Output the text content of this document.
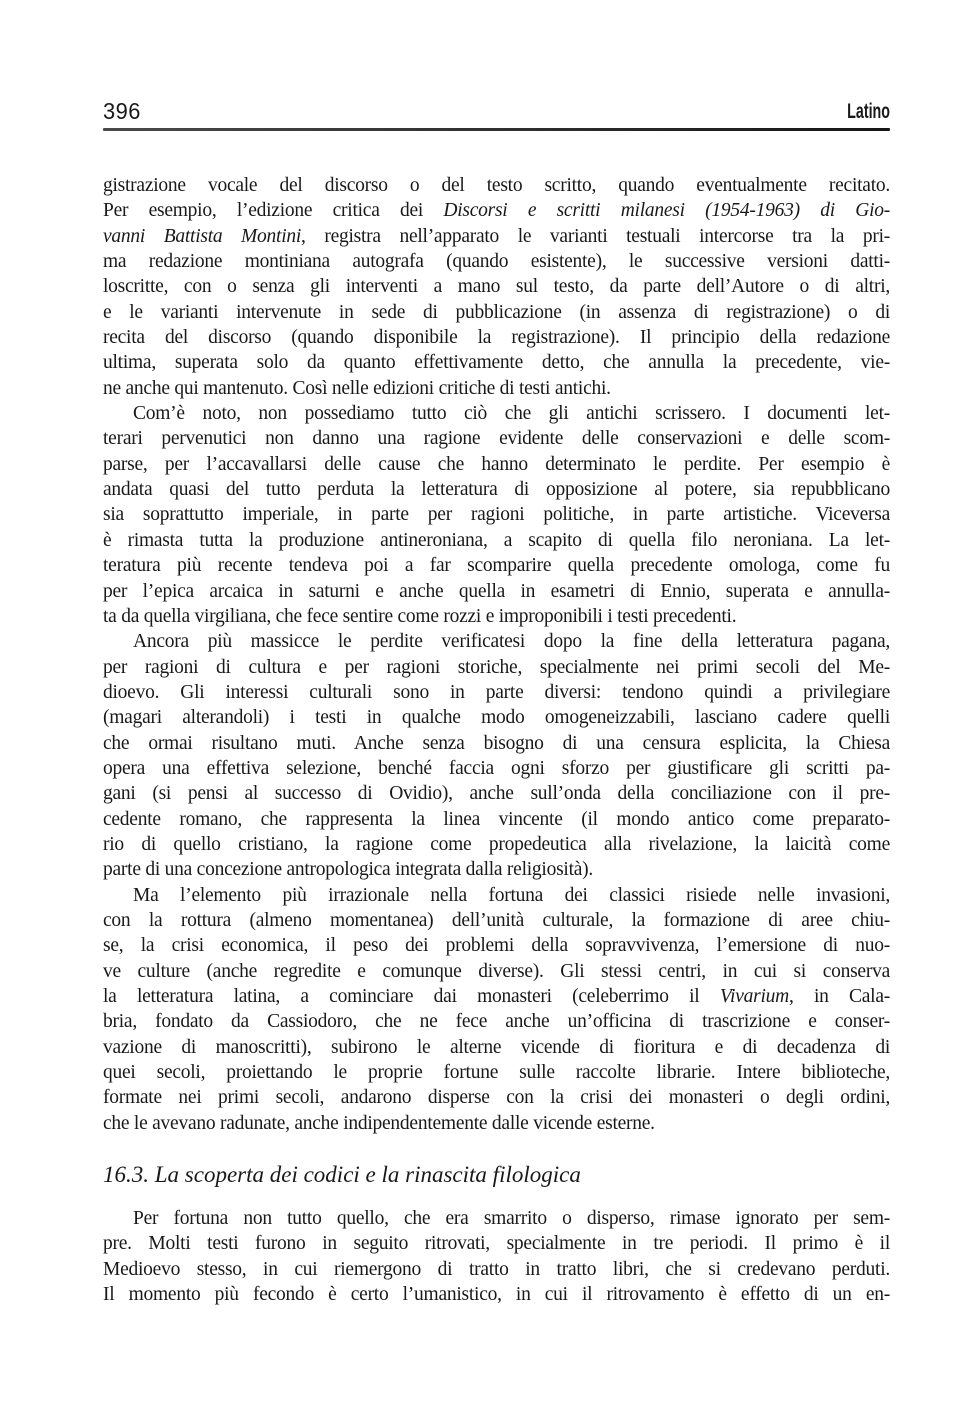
396	Latino
gistrazione vocale del discorso o del testo scritto, quando eventualmente recitato.
Per esempio, l’edizione critica dei Discorsi e scritti milanesi (1954-1963) di Gio-
vanni Battista Montini, registra nell’apparato le varianti testuali intercorse tra la pri-
ma redazione montiniana autografa (quando esistente), le successive versioni datti-
loscritte, con o senza gli interventi a mano sul testo, da parte dell’Autore o di altri,
e le varianti intervenute in sede di pubblicazione (in assenza di registrazione) o di
recita del discorso (quando disponibile la registrazione). Il principio della redazione
ultima, superata solo da quanto effettivamente detto, che annulla la precedente, vie-
ne anche qui mantenuto. Così nelle edizioni critiche di testi antichi.
Com’è noto, non possediamo tutto ciò che gli antichi scrissero. I documenti let-
terari pervenutici non danno una ragione evidente delle conservazioni e delle scom-
parse, per l’accavallarsi delle cause che hanno determinato le perdite. Per esempio è
andata quasi del tutto perduta la letteratura di opposizione al potere, sia repubblicano
sia soprattutto imperiale, in parte per ragioni politiche, in parte artistiche. Viceversa
è rimasta tutta la produzione antineroniana, a scapito di quella filo neroniana. La let-
teratura più recente tendeva poi a far scomparire quella precedente omologa, come fu
per l’epica arcaica in saturni e anche quella in esametri di Ennio, superata e annulla-
ta da quella virgiliana, che fece sentire come rozzi e improponibili i testi precedenti.
Ancora più massicce le perdite verificatesi dopo la fine della letteratura pagana,
per ragioni di cultura e per ragioni storiche, specialmente nei primi secoli del Me-
dioevo. Gli interessi culturali sono in parte diversi: tendono quindi a privilegiare
(magari alterandoli) i testi in qualche modo omogeneizzabili, lasciano cadere quelli
che ormai risultano muti. Anche senza bisogno di una censura esplicita, la Chiesa
opera una effettiva selezione, benché faccia ogni sforzo per giustificare gli scritti pa-
gani (si pensi al successo di Ovidio), anche sull’onda della conciliazione con il pre-
cedente romano, che rappresenta la linea vincente (il mondo antico come preparato-
rio di quello cristiano, la ragione come propedeutica alla rivelazione, la laicità come
parte di una concezione antropologica integrata dalla religiosità).
Ma l’elemento più irrazionale nella fortuna dei classici risiede nelle invasioni,
con la rottura (almeno momentanea) dell’unità culturale, la formazione di aree chiu-
se, la crisi economica, il peso dei problemi della sopravvivenza, l’emersione di nuo-
ve culture (anche regredite e comunque diverse). Gli stessi centri, in cui si conserva
la letteratura latina, a cominciare dai monasteri (celeberrimo il Vivarium, in Cala-
bria, fondato da Cassiodoro, che ne fece anche un’officina di trascrizione e conser-
vazione di manoscritti), subirono le alterne vicende di fioritura e di decadenza di
quei secoli, proiettando le proprie fortune sulle raccolte librarie. Intere biblioteche,
formate nei primi secoli, andarono disperse con la crisi dei monasteri o degli ordini,
che le avevano radunate, anche indipendentemente dalle vicende esterne.
16.3. La scoperta dei codici e la rinascita filologica
Per fortuna non tutto quello, che era smarrito o disperso, rimase ignorato per sem-
pre. Molti testi furono in seguito ritrovati, specialmente in tre periodi. Il primo è il
Medioevo stesso, in cui riemergono di tratto in tratto libri, che si credevano perduti.
Il momento più fecondo è certo l’umanistico, in cui il ritrovamento è effetto di un en-
